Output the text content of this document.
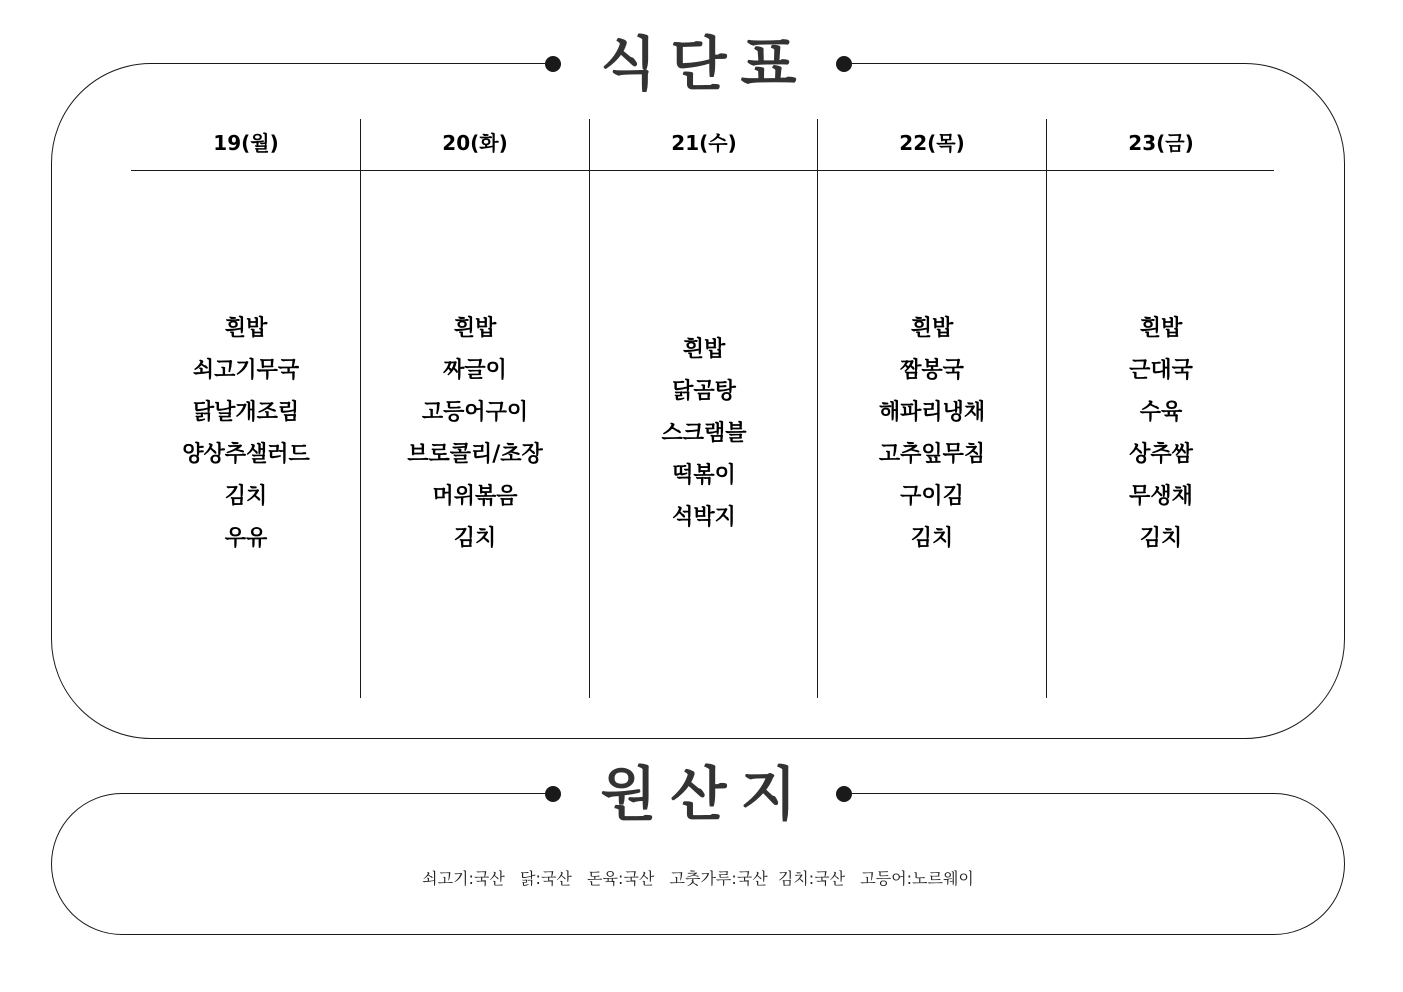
식단표
19(월)
흰밥
쇠고기무국
닭날개조림
양상추샐러드
김치
우유
20(화)
흰밥
짜글이
고등어구이
브로콜리/초장
머위볶음
김치
21(수)
흰밥
닭곰탕
스크램블
떡볶이
석박지
22(목)
흰밥
짬봉국
해파리냉채
고추잎무침
구이김
김치
23(금)
흰밥
근대국
수육
상추쌈
무생채
김치
원산지
쇠고기:국산   닭:국산   돈육:국산   고춧가루:국산  김치:국산   고등어:노르웨이
